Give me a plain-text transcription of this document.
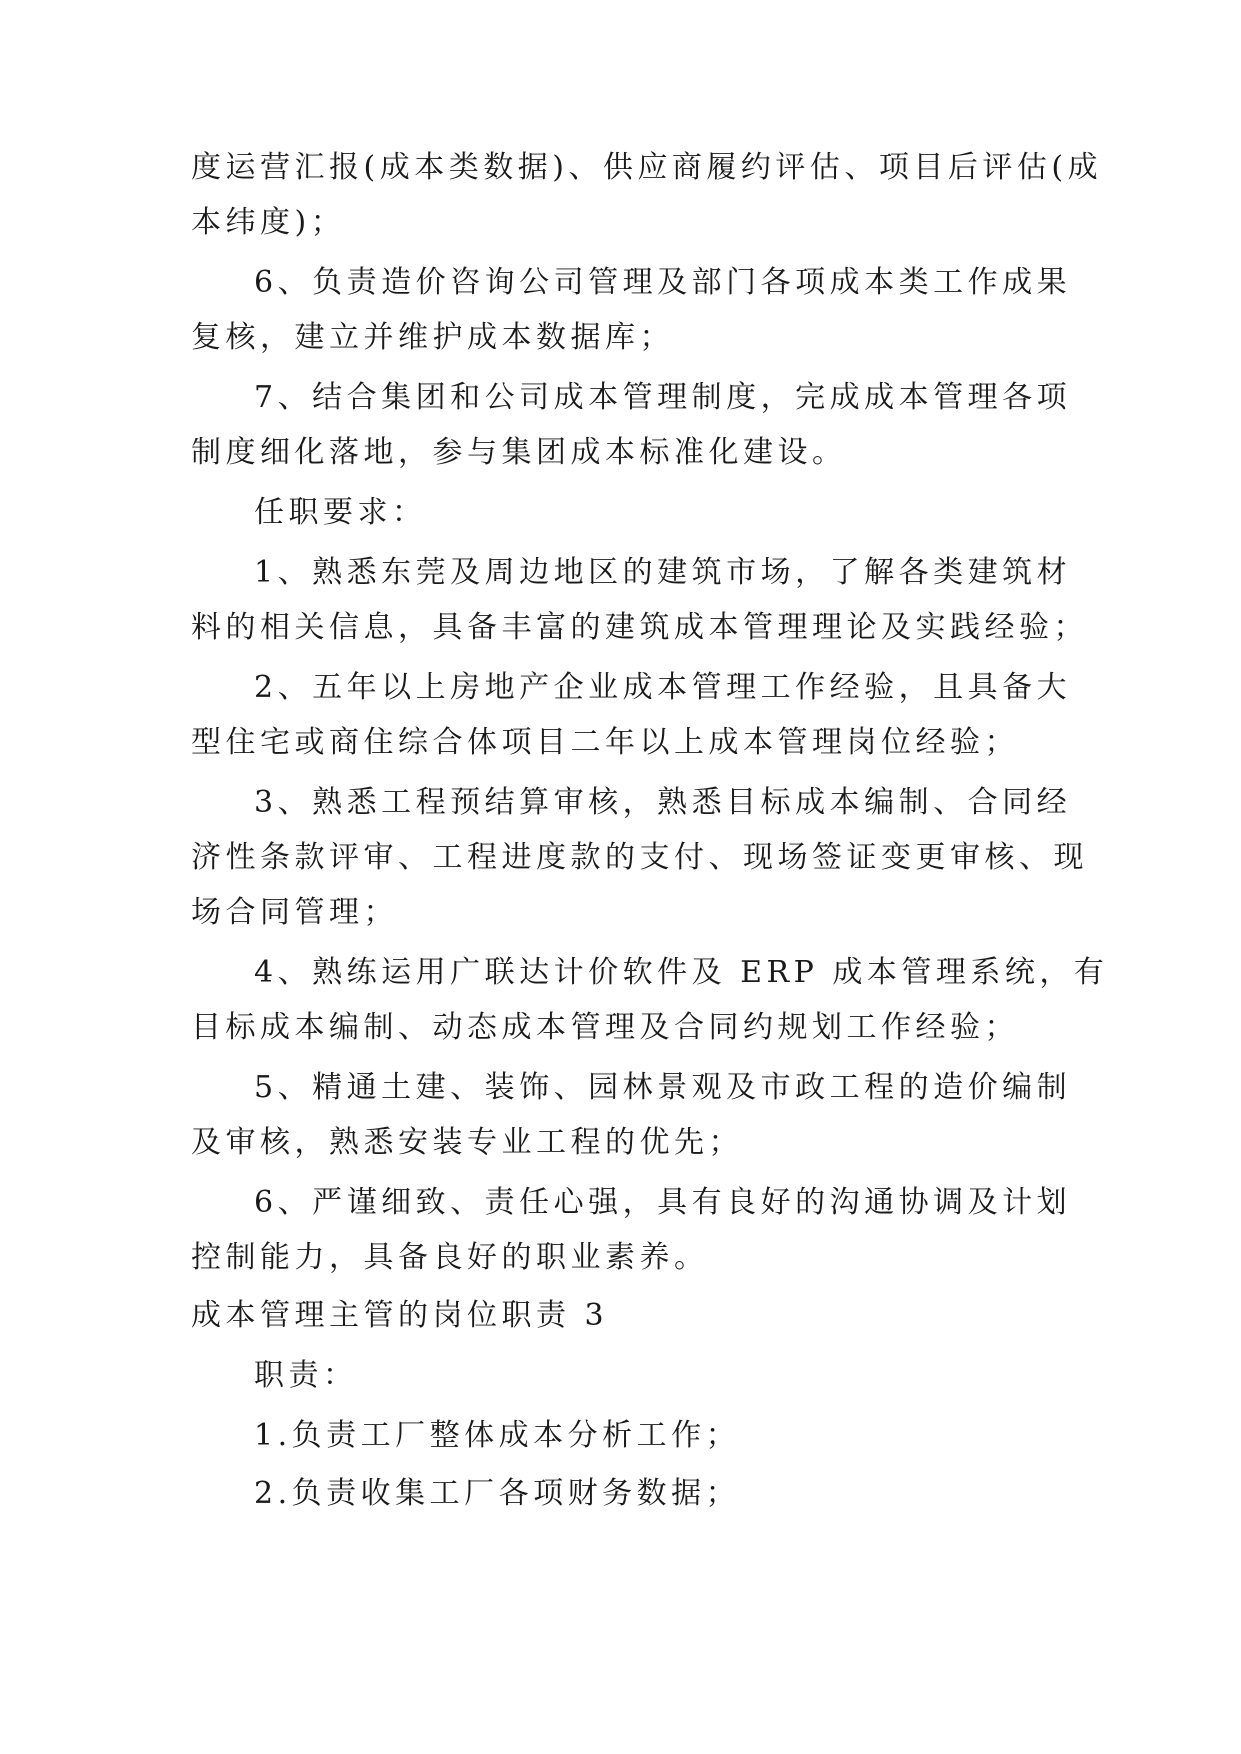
度运营汇报(成本类数据)、供应商履约评估、项目后评估(成
本纬度)；
6、负责造价咨询公司管理及部门各项成本类工作成果
复核，建立并维护成本数据库；
7、结合集团和公司成本管理制度，完成成本管理各项
制度细化落地，参与集团成本标准化建设。
任职要求：
1、熟悉东莞及周边地区的建筑市场，了解各类建筑材
料的相关信息，具备丰富的建筑成本管理理论及实践经验；
2、五年以上房地产企业成本管理工作经验，且具备大
型住宅或商住综合体项目二年以上成本管理岗位经验；
3、熟悉工程预结算审核，熟悉目标成本编制、合同经
济性条款评审、工程进度款的支付、现场签证变更审核、现
场合同管理；
4、熟练运用广联达计价软件及 ERP 成本管理系统，有
目标成本编制、动态成本管理及合同约规划工作经验；
5、精通土建、装饰、园林景观及市政工程的造价编制
及审核，熟悉安装专业工程的优先；
6、严谨细致、责任心强，具有良好的沟通协调及计划
控制能力，具备良好的职业素养。
成本管理主管的岗位职责 3
职责：
1.负责工厂整体成本分析工作；
2.负责收集工厂各项财务数据；
